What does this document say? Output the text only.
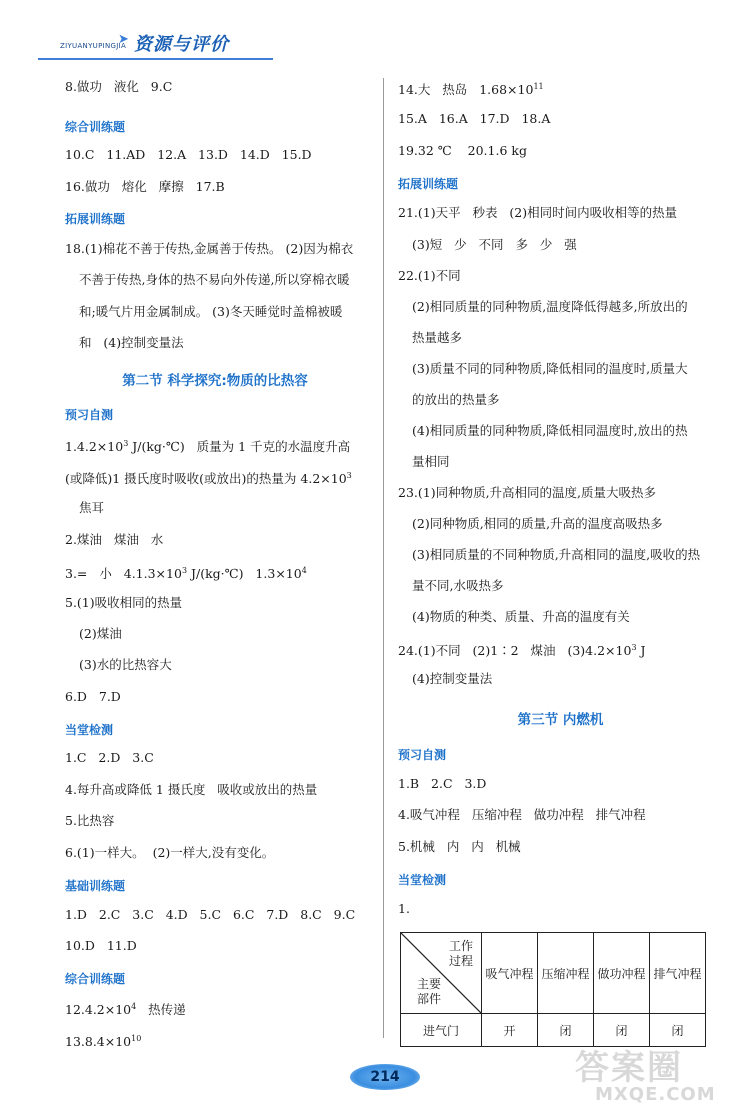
ZIYUANYUPINGJIA
➤ 资源与评价
8.做功   液化   9.C
综合训练题
10.C   11.AD   12.A   13.D   14.D   15.D
16.做功   熔化   摩擦   17.B
拓展训练题
18.(1)棉花不善于传热,金属善于传热。 (2)因为棉衣
不善于传热,身体的热不易向外传递,所以穿棉衣暖
和;暖气片用金属制成。 (3)冬天睡觉时盖棉被暖
和   (4)控制变量法
第二节 科学探究:物质的比热容
预习自测
$1.4.2\times 10^3$ J/(kg·℃)   质量为 1 千克的水温度升高
(或降低)1 摄氏度时吸收(或放出)的热量为 $4.2\times 10^3$
焦耳
2.煤油   煤油   水
3.=   小   $4.1.3\times 10^3$ J/(kg·℃)   $1.3\times 10^4$
5.(1)吸收相同的热量
(2)煤油
(3)水的比热容大
6.D   7.D
当堂检测
1.C   2.D   3.C
4.每升高或降低 1 摄氏度   吸收或放出的热量
5.比热容
6.(1)一样大。  (2)一样大,没有变化。
基础训练题
1.D   2.C   3.C   4.D   5.C   6.C   7.D   8.C   9.C
10.D   11.D
综合训练题
$12.4.2\times 10^4$   热传递
$13.8.4\times 10^{10}$
14.大   热岛   $1.68\times 10^{11}$
15.A   16.A   17.D   18.A
19.32 ℃    20.1.6 kg
拓展训练题
21.(1)天平   秒表   (2)相同时间内吸收相等的热量
(3)短   少   不同   多   少   强
22.(1)不同
(2)相同质量的同种物质,温度降低得越多,所放出的
热量越多
(3)质量不同的同种物质,降低相同的温度时,质量大
的放出的热量多
(4)相同质量的同种物质,降低相同温度时,放出的热
量相同
23.(1)同种物质,升高相同的温度,质量大吸热多
(2)同种物质,相同的质量,升高的温度高吸热多
(3)相同质量的不同种物质,升高相同的温度,吸收的热
量不同,水吸热多
(4)物质的种类、质量、升高的温度有关
24.(1)不同   (2)1∶2   煤油   $(3)4.2\times 10^3$ J
(4)控制变量法
第三节 内燃机
预习自测
1.B   2.C   3.D
4.吸气冲程   压缩冲程   做功冲程   排气冲程
5.机械   内   内   机械
当堂检测
1.
工作
过程
主要
部件	吸气冲程	压缩冲程	做功冲程	排气冲程
进气门	开	闭	闭	闭
214	答案圈
MXQE.COM
